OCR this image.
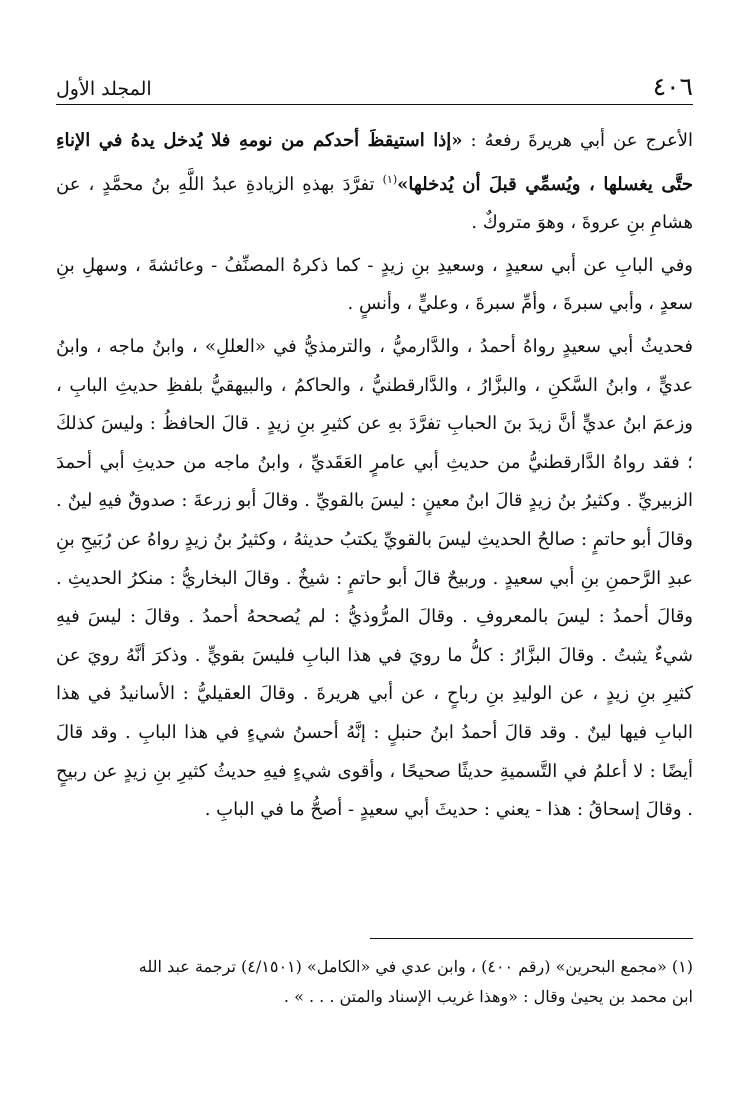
٤٠٦
المجلد الأول

الأعرج عن أبي هريرةَ رفعهُ : «إذا استيقظَ أحدكم من نومهِ فلا يُدخل يدهُ في الإناءِ حتَّى يغسلها ، ويُسمِّي قبلَ أن يُدخلها»$^{(١)}$ تفرَّدَ بهذهِ الزيادةِ عبدُ اللَّهِ بنُ محمَّدٍ ، عن هشامِ بنِ عروةَ ، وهوَ متروكٌ .

وفي البابِ عن أبي سعيدٍ ، وسعيدِ بنِ زيدٍ - كما ذكرهُ المصنِّفُ - وعائشةَ ، وسهلِ بنِ سعدٍ ، وأبي سبرةَ ، وأمِّ سبرةَ ، وعليٍّ ، وأنسٍ .

فحديثُ أبي سعيدٍ رواهُ أحمدُ ، والدَّارميُّ ، والترمذيُّ في «العللِ» ، وابنُ ماجه ، وابنُ عديٍّ ، وابنُ السَّكنِ ، والبزَّارُ ، والدَّارقطنيُّ ، والحاكمُ ، والبيهقيُّ بلفظِ حديثِ البابِ ، وزعمَ ابنُ عديٍّ أنَّ زيدَ بنَ الحبابِ تفرَّدَ بهِ عن كثيرِ بنِ زيدٍ . قالَ الحافظُ : وليسَ كذلكَ ؛ فقد رواهُ الدَّارقطنيُّ من حديثِ أبي عامرٍ العَقَديِّ ، وابنُ ماجه من حديثِ أبي أحمدَ الزبيريِّ . وكثيرُ بنُ زيدٍ قالَ ابنُ معينٍ : ليسَ بالقويِّ . وقالَ أبو زرعةَ : صدوقٌ فيهِ لينٌ . وقالَ أبو حاتمٍ : صالحُ الحديثِ ليسَ بالقويِّ يكتبُ حديثهُ ، وكثيرُ بنُ زيدٍ رواهُ عن رُبَيحِ بنِ عبدِ الرَّحمنِ بنِ أبي سعيدٍ . وربيحٌ قالَ أبو حاتمٍ : شيخٌ . وقالَ البخاريُّ : منكرُ الحديثِ . وقالَ أحمدُ : ليسَ بالمعروفِ . وقالَ المرُّوذيُّ : لم يُصححهُ أحمدُ . وقالَ : ليسَ فيهِ شيءٌ يثبتُ . وقالَ البزَّارُ : كلُّ ما رويَ في هذا البابِ فليسَ بقويٍّ . وذكرَ أنَّهُ رويَ عن كثيرِ بنِ زيدٍ ، عن الوليدِ بنِ رباحٍ ، عن أبي هريرةَ . وقالَ العقيليُّ : الأسانيدُ في هذا البابِ فيها لينٌ . وقد قالَ أحمدُ ابنُ حنبلٍ : إنَّهُ أحسنُ شيءٍ في هذا البابِ . وقد قالَ أيضًا : لا أعلمُ في التَّسميةِ حديثًا صحيحًا ، وأقوى شيءٍ فيهِ حديثُ كثيرِ بنِ زيدٍ عن ربيحٍ . وقالَ إسحاقُ : هذا - يعني : حديثَ أبي سعيدٍ - أصحُّ ما في البابِ .

(١) «مجمع البحرين» (رقم ٤٠٠) ، وابن عدي في «الكامل» (٤/١٥٠١) ترجمة عبد الله

ابن محمد بن يحيىٰ وقال : «وهذا غريب الإسناد والمتن . . . » .
